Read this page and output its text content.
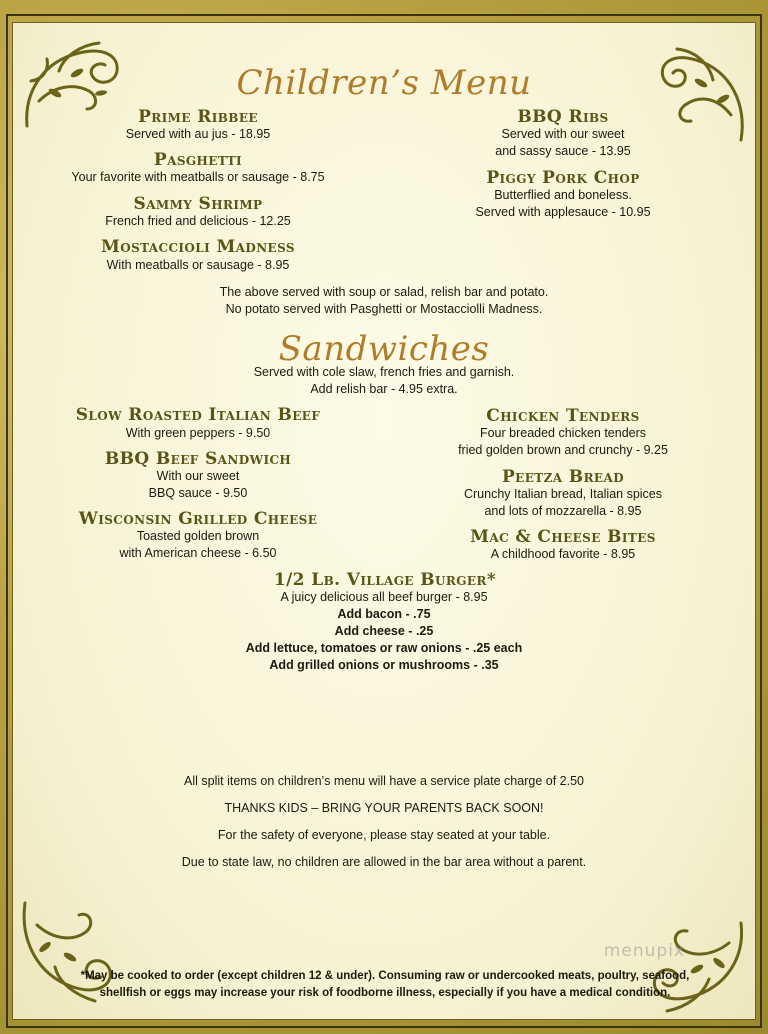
Children’s Menu
Prime Ribbee
Served with au jus - 18.95
Pasghetti
Your favorite with meatballs or sausage - 8.75
Sammy Shrimp
French fried and delicious - 12.25
Mostaccioli Madness
With meatballs or sausage - 8.95
BBQ Ribs
Served with our sweet
and sassy sauce - 13.95
Piggy Pork Chop
Butterflied and boneless.
Served with applesauce - 10.95
The above served with soup or salad, relish bar and potato.
No potato served with Pasghetti or Mostacciolli Madness.
Sandwiches
Served with cole slaw, french fries and garnish.
Add relish bar - 4.95 extra.
Slow Roasted Italian Beef
With green peppers - 9.50
BBQ Beef Sandwich
With our sweet
BBQ sauce - 9.50
Wisconsin Grilled Cheese
Toasted golden brown
with American cheese - 6.50
Chicken Tenders
Four breaded chicken tenders
fried golden brown and crunchy - 9.25
Peetza Bread
Crunchy Italian bread, Italian spices
and lots of mozzarella - 8.95
Mac & Cheese Bites
A childhood favorite - 8.95
1/2 Lb. Village Burger*
A juicy delicious all beef burger - 8.95
Add bacon - .75
Add cheese - .25
Add lettuce, tomatoes or raw onions - .25 each
Add grilled onions or mushrooms - .35
All split items on children’s menu will have a service plate charge of 2.50
THANKS KIDS – BRING YOUR PARENTS BACK SOON!
For the safety of everyone, please stay seated at your table.
Due to state law, no children are allowed in the bar area without a parent.
*May be cooked to order (except children 12 & under). Consuming raw or undercooked meats, poultry, seafood,
shellfish or eggs may increase your risk of foodborne illness, especially if you have a medical condition.
menupix
